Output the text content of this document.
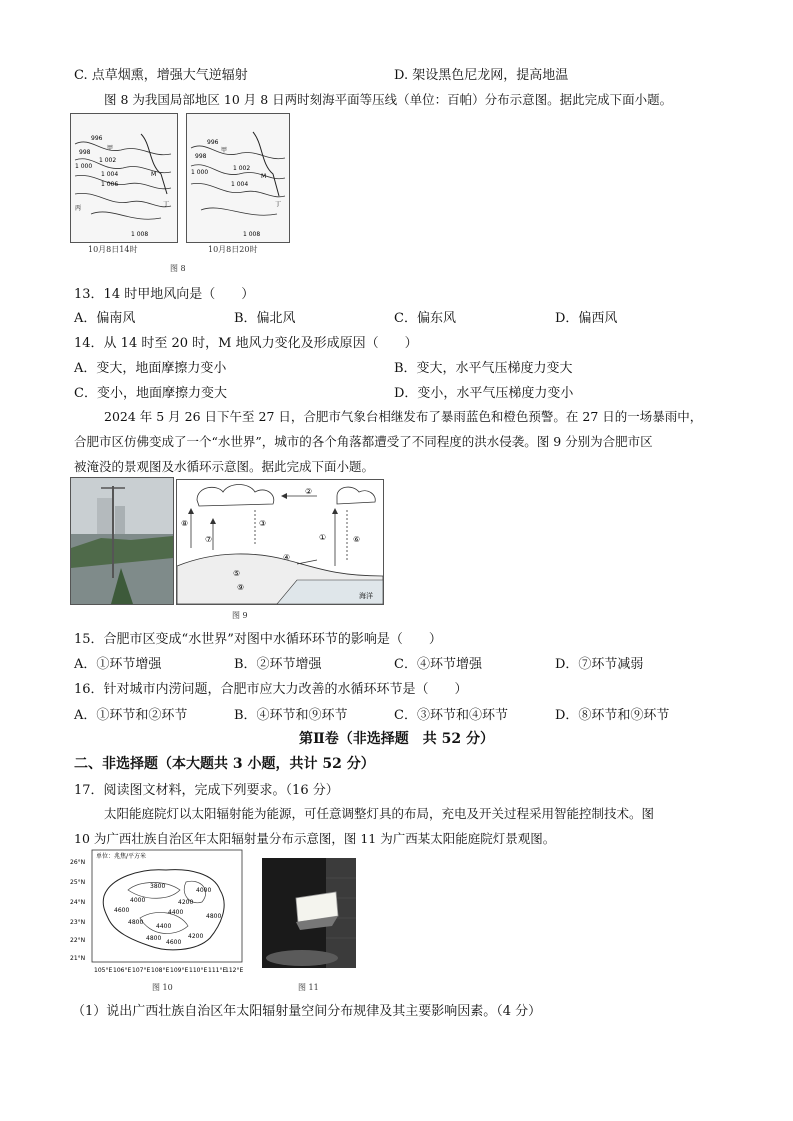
C. 点草烟熏，增强大气逆辐射	D. 架设黑色尼龙网，提高地温
图 8 为我国局部地区 10 月 8 日两时刻海平面等压线（单位：百帕）分布示意图。据此完成下面小题。
996
998
甲
1 000
1 002
1 004
1 006
M
丙
1 008
丁
996
998
甲
1 000
1 002
1 004
M
1 008
丁
10月8日14时	10月8日20时
图 8
13．14 时甲地风向是（　　）
A．偏南风	B．偏北风	C．偏东风	D．偏西风
14．从 14 时至 20 时，M 地风力变化及形成原因（　　）
A．变大，地面摩擦力变小	B．变大，水平气压梯度力变大
C．变小，地面摩擦力变大	D．变小，水平气压梯度力变小
2024 年 5 月 26 日下午至 27 日，合肥市气象台相继发布了暴雨蓝色和橙色预警。在 27 日的一场暴雨中，
合肥市区仿佛变成了一个“水世界”，城市的各个角落都遭受了不同程度的洪水侵袭。图 9 分别为合肥市区
被淹没的景观图及水循环示意图。据此完成下面小题。
②
①	⑥
⑧
⑦
③
④
⑤
⑨
海洋
图 9
15．合肥市区变成“水世界”对图中水循环环节的影响是（　　）
A．①环节增强	B．②环节增强	C．④环节增强	D．⑦环节减弱
16．针对城市内涝问题，合肥市应大力改善的水循环环节是（　　）
A．①环节和②环节	B．④环节和⑨环节	C．③环节和④环节	D．⑧环节和⑨环节
第Ⅱ卷（非选择题　共 52 分）
二、非选择题（本大题共 3 小题，共计 52 分）
17．阅读图文材料，完成下列要求。（16 分）
太阳能庭院灯以太阳辐射能为能源，可任意调整灯具的布局，充电及开关过程采用智能控制技术。图
10 为广西壮族自治区年太阳辐射量分布示意图，图 11 为广西某太阳能庭院灯景观图。
单位：兆焦/平方米
26°N
25°N
24°N
23°N
22°N
21°N
105°E 106°E 107°E 108°E 109°E 110°E 111°E
112°E
3800
4000
4200
4400
4600
4800
4000
4400
4800
4600
4200
4800
图 10	图 11
（1）说出广西壮族自治区年太阳辐射量空间分布规律及其主要影响因素。（4 分）
